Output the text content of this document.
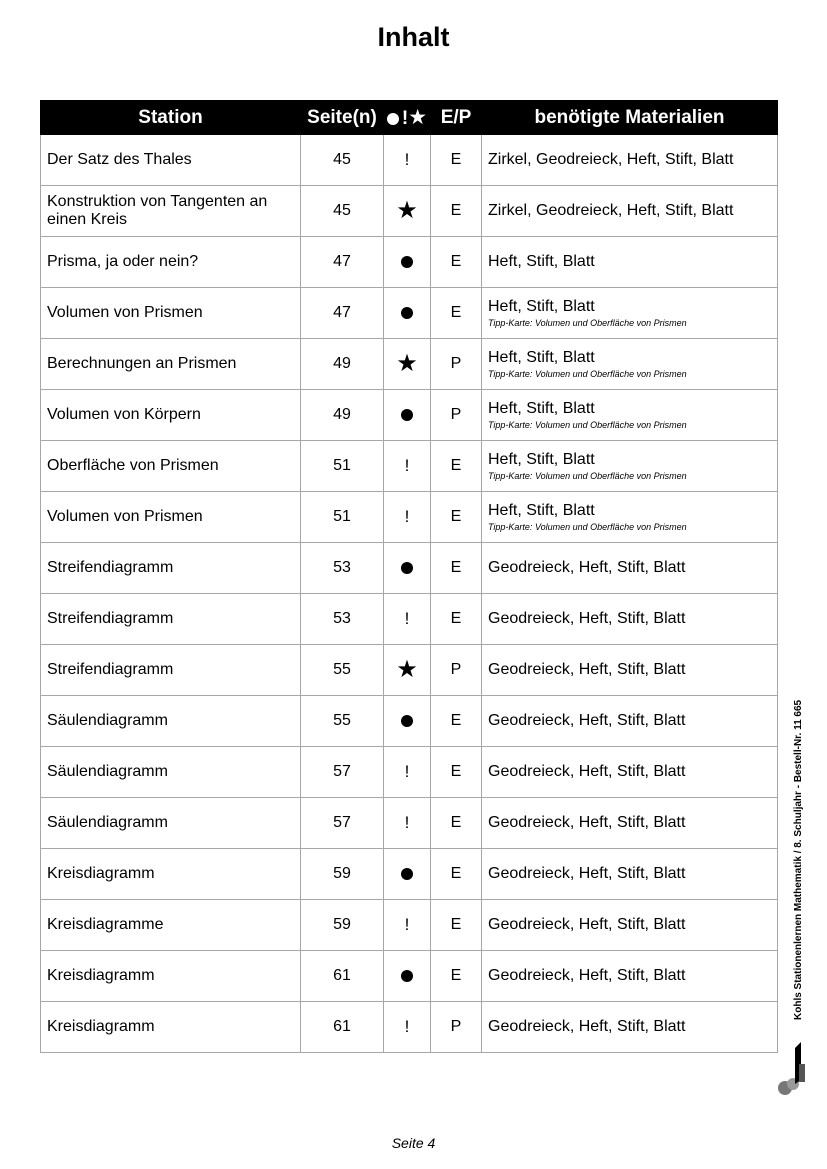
Inhalt
Station	Seite(n)	!★	E/P	benötigte Materialien
Der Satz des Thales	45	!	E	Zirkel, Geodreieck, Heft, Stift, Blatt

Konstruktion von Tangenten an einen Kreis	45	★	E	Zirkel, Geodreieck, Heft, Stift, Blatt

Prisma, ja oder nein?	47		E	Heft, Stift, Blatt

Volumen von Prismen	47		E	Heft, Stift, Blatt
Tipp-Karte: Volumen und Oberfläche von Prismen

Berechnungen an Prismen	49	★	P	Heft, Stift, Blatt
Tipp-Karte: Volumen und Oberfläche von Prismen

Volumen von Körpern	49		P	Heft, Stift, Blatt
Tipp-Karte: Volumen und Oberfläche von Prismen

Oberfläche von Prismen	51	!	E	Heft, Stift, Blatt
Tipp-Karte: Volumen und Oberfläche von Prismen

Volumen von Prismen	51	!	E	Heft, Stift, Blatt
Tipp-Karte: Volumen und Oberfläche von Prismen

Streifendiagramm	53		E	Geodreieck, Heft, Stift, Blatt

Streifendiagramm	53	!	E	Geodreieck, Heft, Stift, Blatt

Streifendiagramm	55	★	P	Geodreieck, Heft, Stift, Blatt

Säulendiagramm	55		E	Geodreieck, Heft, Stift, Blatt

Säulendiagramm	57	!	E	Geodreieck, Heft, Stift, Blatt

Säulendiagramm	57	!	E	Geodreieck, Heft, Stift, Blatt

Kreisdiagramm	59		E	Geodreieck, Heft, Stift, Blatt

Kreisdiagramme	59	!	E	Geodreieck, Heft, Stift, Blatt

Kreisdiagramm	61		E	Geodreieck, Heft, Stift, Blatt

Kreisdiagramm	61	!	P	Geodreieck, Heft, Stift, Blatt
Kohls Stationenlernen Mathematik / 8. Schuljahr - Bestell-Nr. 11 665
Seite 4
